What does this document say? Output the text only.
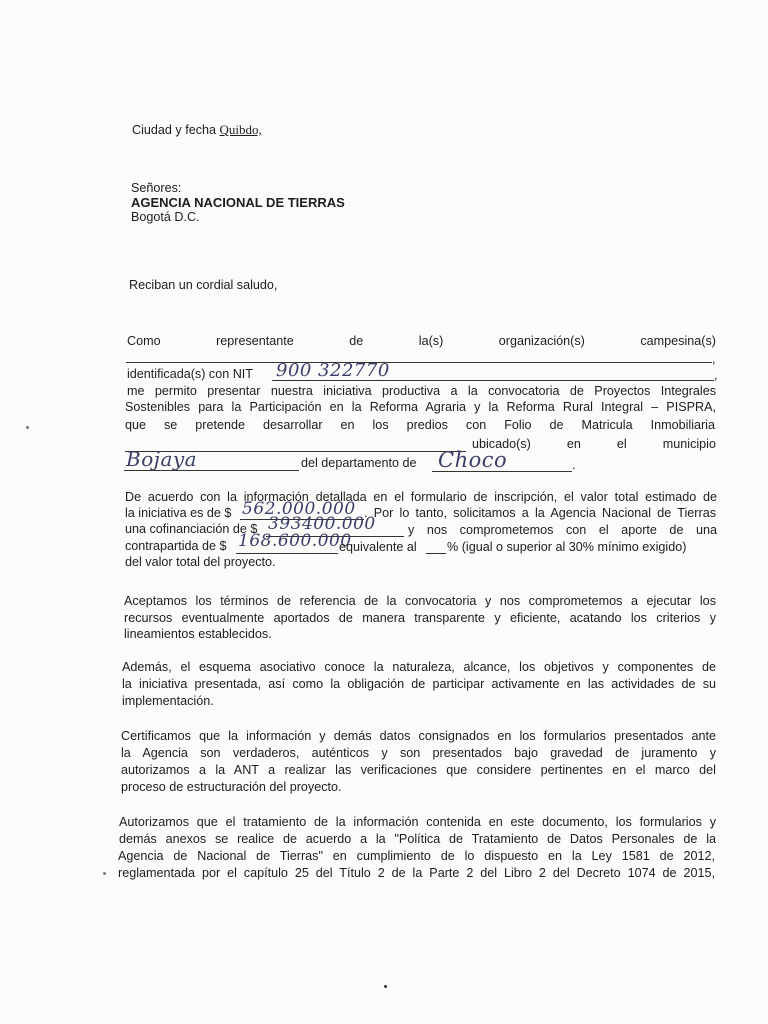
Ciudad y fecha Quibdo,
Señores:
AGENCIA NACIONAL DE TIERRAS
Bogotá D.C.
Reciban un cordial saludo,
Como	representante	de	la(s)	organización(s)	campesina(s)
,
identificada(s) con NIT 900 322770	,
me permito presentar nuestra iniciativa productiva a la convocatoria de Proyectos Integrales
Sostenibles para la Participación en la Reforma Agraria y la Reforma Rural Integral – PISPRA,
que se pretende desarrollar en los predios con Folio de Matricula Inmobiliaria
ubicado(s)	en	el	municipio
Bojaya	del departamento de Choco	.
De acuerdo con la información detallada en el formulario de inscripción, el valor total estimado de
la iniciativa es de $ 562.000.000 . Por lo tanto, solicitamos a la Agencia Nacional de Tierras
una cofinanciación de $ 393400.000	y nos comprometemos con el aporte de una
contrapartida de $ 168.600.000
equivalente al % (igual o superior al 30% mínimo exigido)
del valor total del proyecto.
Aceptamos los términos de referencia de la convocatoria y nos comprometemos a ejecutar los
recursos eventualmente aportados de manera transparente y eficiente, acatando los criterios y
lineamientos establecidos.
Además, el esquema asociativo conoce la naturaleza, alcance, los objetivos y componentes de
la iniciativa presentada, así como la obligación de participar activamente en las actividades de su
implementación.
Certificamos que la información y demás datos consignados en los formularios presentados ante
la Agencia son verdaderos, auténticos y son presentados bajo gravedad de juramento y
autorizamos a la ANT a realizar las verificaciones que considere pertinentes en el marco del
proceso de estructuración del proyecto.
Autorizamos que el tratamiento de la información contenida en este documento, los formularios y
demás anexos se realice de acuerdo a la "Política de Tratamiento de Datos Personales de la
Agencia de Nacional de Tierras" en cumplimiento de lo dispuesto en la Ley 1581 de 2012,
reglamentada por el capítulo 25 del Título 2 de la Parte 2 del Libro 2 del Decreto 1074 de 2015,
